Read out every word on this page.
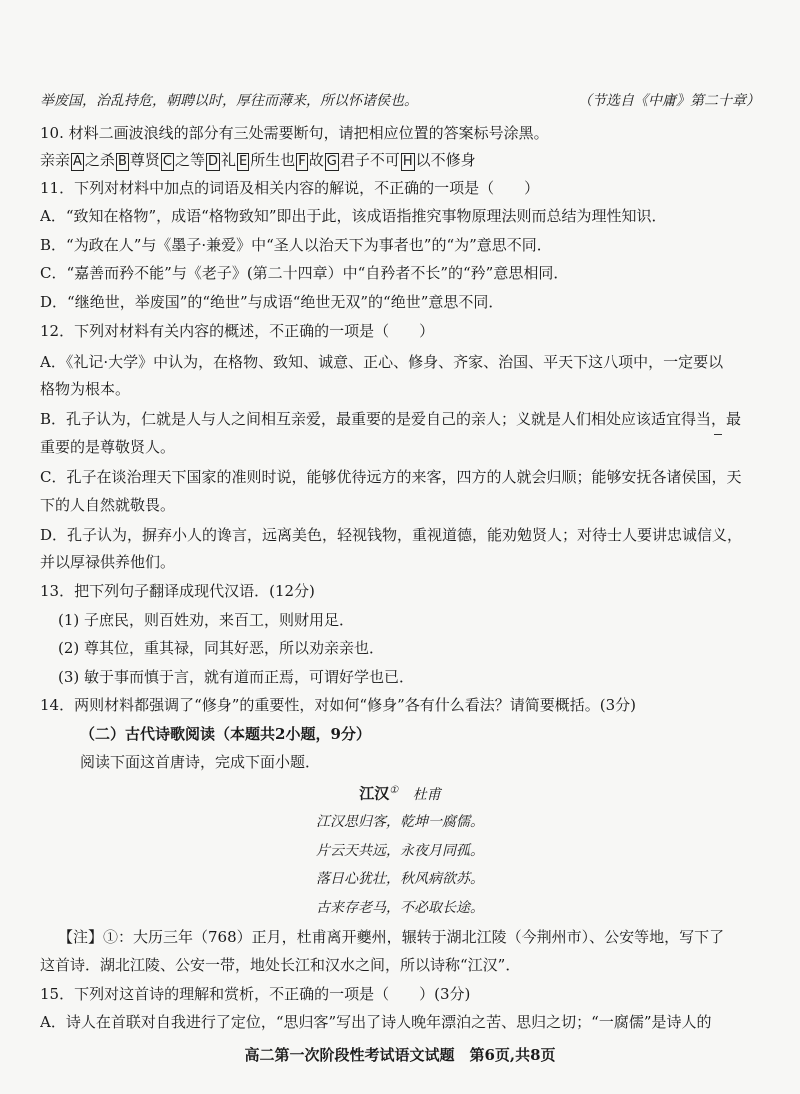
举废国，治乱持危，朝聘以时，厚往而薄来，所以怀诸侯也。	（节选自《中庸》第二十章）
10. 材料二画波浪线的部分有三处需要断句，请把相应位置的答案标号涂黑。
亲亲 A 之杀 B 尊贤 C 之等 D 礼 E 所生也 F 故 G 君子不可 H 以不修身
11．下列对材料中加点的词语及相关内容的解说，不正确的一项是（　　）
A．“致知在格物”，成语“格物致知”即出于此，该成语指推究事物原理法则而总结为理性知识．
B．“为政在人”与《墨子·兼爱》中“圣人以治天下为事者也”的“为”意思不同．
C．“嘉善而矜不能”与《老子》(第二十四章）中“自矜者不长”的“矜”意思相同．
D．“继绝世，举废国”的“绝世”与成语“绝世无双”的“绝世”意思不同．
12．下列对材料有关内容的概述，不正确的一项是（　　）
A．《礼记·大学》中认为，在格物、致知、诚意、正心、修身、齐家、治国、平天下这八项中，一定要以
格物为根本。
B．孔子认为，仁就是人与人之间相互亲爱，最重要的是爱自己的亲人；义就是人们相处应该适宜得当，最
重要的是尊敬贤人。
C．孔子在谈治理天下国家的准则时说，能够优待远方的来客，四方的人就会归顺；能够安抚各诸侯国，天
下的人自然就敬畏。
D．孔子认为，摒弃小人的谗言，远离美色，轻视钱物，重视道德，能劝勉贤人；对待士人要讲忠诚信义，
并以厚禄供养他们。
13．把下列句子翻译成现代汉语．(12分)
(1) 子庶民，则百姓劝，来百工，则财用足．
(2) 尊其位，重其禄，同其好恶，所以劝亲亲也．
(3) 敏于事而慎于言，就有道而正焉，可谓好学也已．
14．两则材料都强调了“修身”的重要性，对如何“修身”各有什么看法？请简要概括。(3分)
（二）古代诗歌阅读（本题共2小题，9分）
阅读下面这首唐诗，完成下面小题．
江汉① 杜甫
江汉思归客，乾坤一腐儒。
片云天共远，永夜月同孤。
落日心犹壮，秋风病欲苏。
古来存老马，不必取长途。
【注】①：大历三年（768）正月，杜甫离开夔州，辗转于湖北江陵（今荆州市）、公安等地，写下了
这首诗．湖北江陵、公安一带，地处长江和汉水之间，所以诗称“江汉”．
15．下列对这首诗的理解和赏析，不正确的一项是（　　）(3分)
A．诗人在首联对自我进行了定位，“思归客”写出了诗人晚年漂泊之苦、思归之切；“一腐儒”是诗人的
高二第一次阶段性考试语文试题　第6页,共8页
